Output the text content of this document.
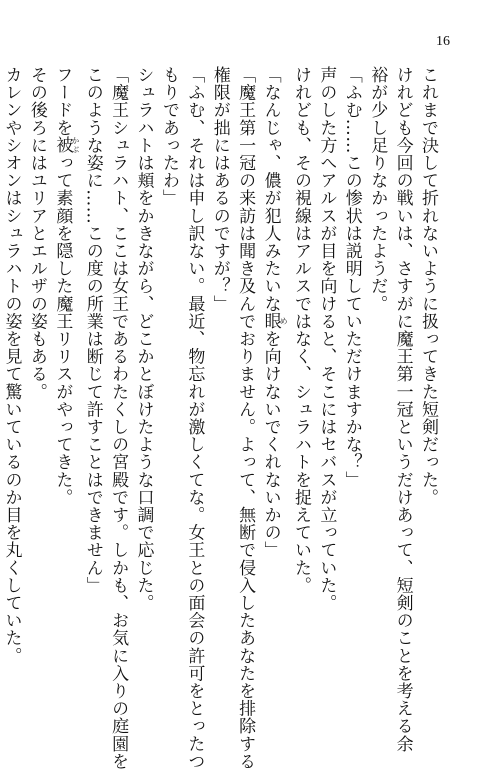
16
これまで決して折れないように扱ってきた短剣だった。
けれども今回の戦いは、さすがに魔王第一冠というだけあって、短剣のことを考える余
裕が少し足りなかったようだ。
「ふむ……この惨状は説明していただけますかな？」
声のした方へアルスが目を向けると、そこにはセバスが立っていた。
けれども、その視線はアルスではなく、シュラハトを捉えていた。
「なんじゃ、儂が犯人みたいな眼めを向けないでくれないかの」
「魔王第一冠の来訪は聞き及んでおりません。よって、無断で侵入したあなたを排除する
権限が拙にはあるのですが？」
「ふむ、それは申し訳ない。最近、物忘れが激しくてな。女王との面会の許可をとったつ
もりであったわ」
シュラハトは頬をかきながら、どこかとぼけたような口調で応じた。
「魔王シュラハト、ここは女王であるわたくしの宮殿です。しかも、お気に入りの庭園を
このような姿に……この度の所業は断じて許すことはできません」
フードを被かぶって素顔を隠した魔王リリスがやってきた。
その後ろにはユリアとエルザの姿もある。
カレンやシオンはシュラハトの姿を見て驚いているのか目を丸くしていた。
